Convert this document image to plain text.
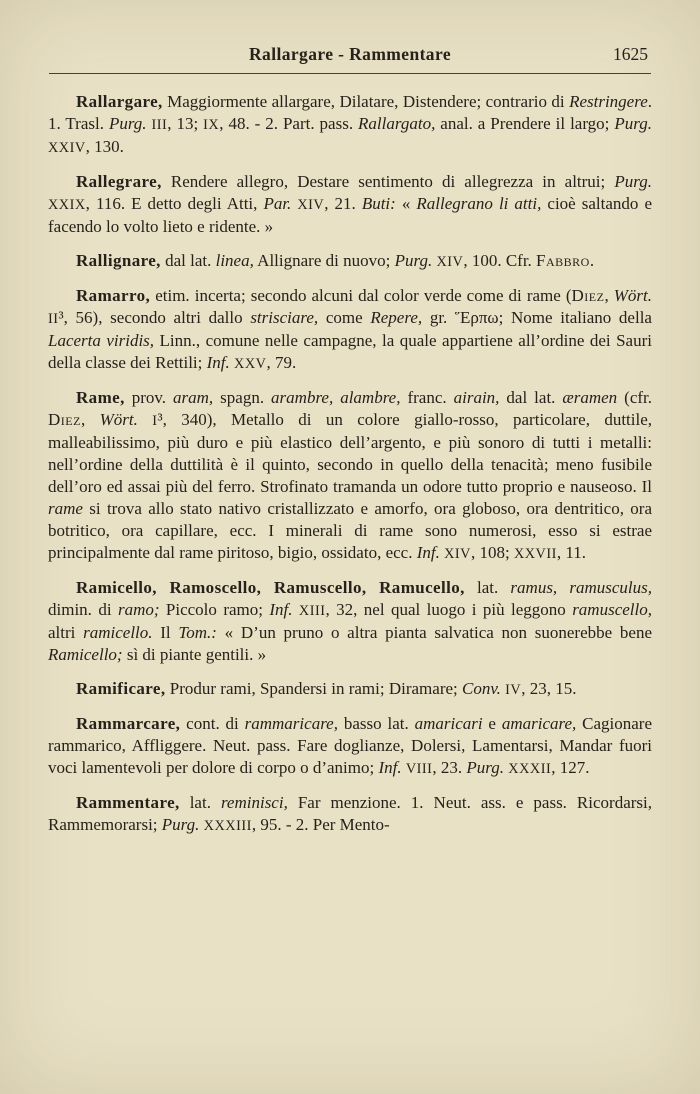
Rallargare - Rammentare	1625

Rallargare, Maggiormente allargare, Dilatare, Distendere; contrario di Restringere. 1. Trasl. Purg. III, 13; IX, 48. - 2. Part. pass. Rallargato, anal. a Prendere il largo; Purg. XXIV, 130.

Rallegrare, Rendere allegro, Destare sentimento di allegrezza in altrui; Purg. XXIX, 116. E detto degli Atti, Par. XIV, 21. Buti: « Rallegrano li atti, cioè saltando e facendo lo volto lieto e ridente. »

Rallignare, dal lat. linea, Allignare di nuovo; Purg. XIV, 100. Cfr. Fabbro.

Ramarro, etim. incerta; secondo alcuni dal color verde come di rame (Diez, Wört. II³, 56), secondo altri dallo strisciare, come Repere, gr. Ἕρπω; Nome italiano della Lacerta viridis, Linn., comune nelle campagne, la quale appartiene all’ordine dei Sauri della classe dei Rettili; Inf. XXV, 79.

Rame, prov. aram, spagn. arambre, alambre, franc. airain, dal lat. æramen (cfr. Diez, Wört. I³, 340), Metallo di un colore giallo-rosso, particolare, duttile, malleabilissimo, più duro e più elastico dell’argento, e più sonoro di tutti i metalli: nell’ordine della duttilità è il quinto, secondo in quello della tenacità; meno fusibile dell’oro ed assai più del ferro. Strofinato tramanda un odore tutto proprio e nauseoso. Il rame si trova allo stato nativo cristallizzato e amorfo, ora globoso, ora dentritico, ora botritico, ora capillare, ecc. I minerali di rame sono numerosi, esso si estrae principalmente dal rame piritoso, bigio, ossidato, ecc. Inf. XIV, 108; XXVII, 11.

Ramicello, Ramoscello, Ramuscello, Ramucello, lat. ramus, ramusculus, dimin. di ramo; Piccolo ramo; Inf. XIII, 32, nel qual luogo i più leggono ramuscello, altri ramicello. Il Tom.: « D’un pruno o altra pianta salvatica non suonerebbe bene Ramicello; sì di piante gentili. »

Ramificare, Produr rami, Spandersi in rami; Diramare; Conv. IV, 23, 15.

Rammarcare, cont. di rammaricare, basso lat. amaricari e amaricare, Cagionare rammarico, Affliggere. Neut. pass. Fare doglianze, Dolersi, Lamentarsi, Mandar fuori voci lamentevoli per dolore di corpo o d’animo; Inf. VIII, 23. Purg. XXXII, 127.

Rammentare, lat. reminisci, Far menzione. 1. Neut. ass. e pass. Ricordarsi, Rammemorarsi; Purg. XXXIII, 95. - 2. Per Mento-
